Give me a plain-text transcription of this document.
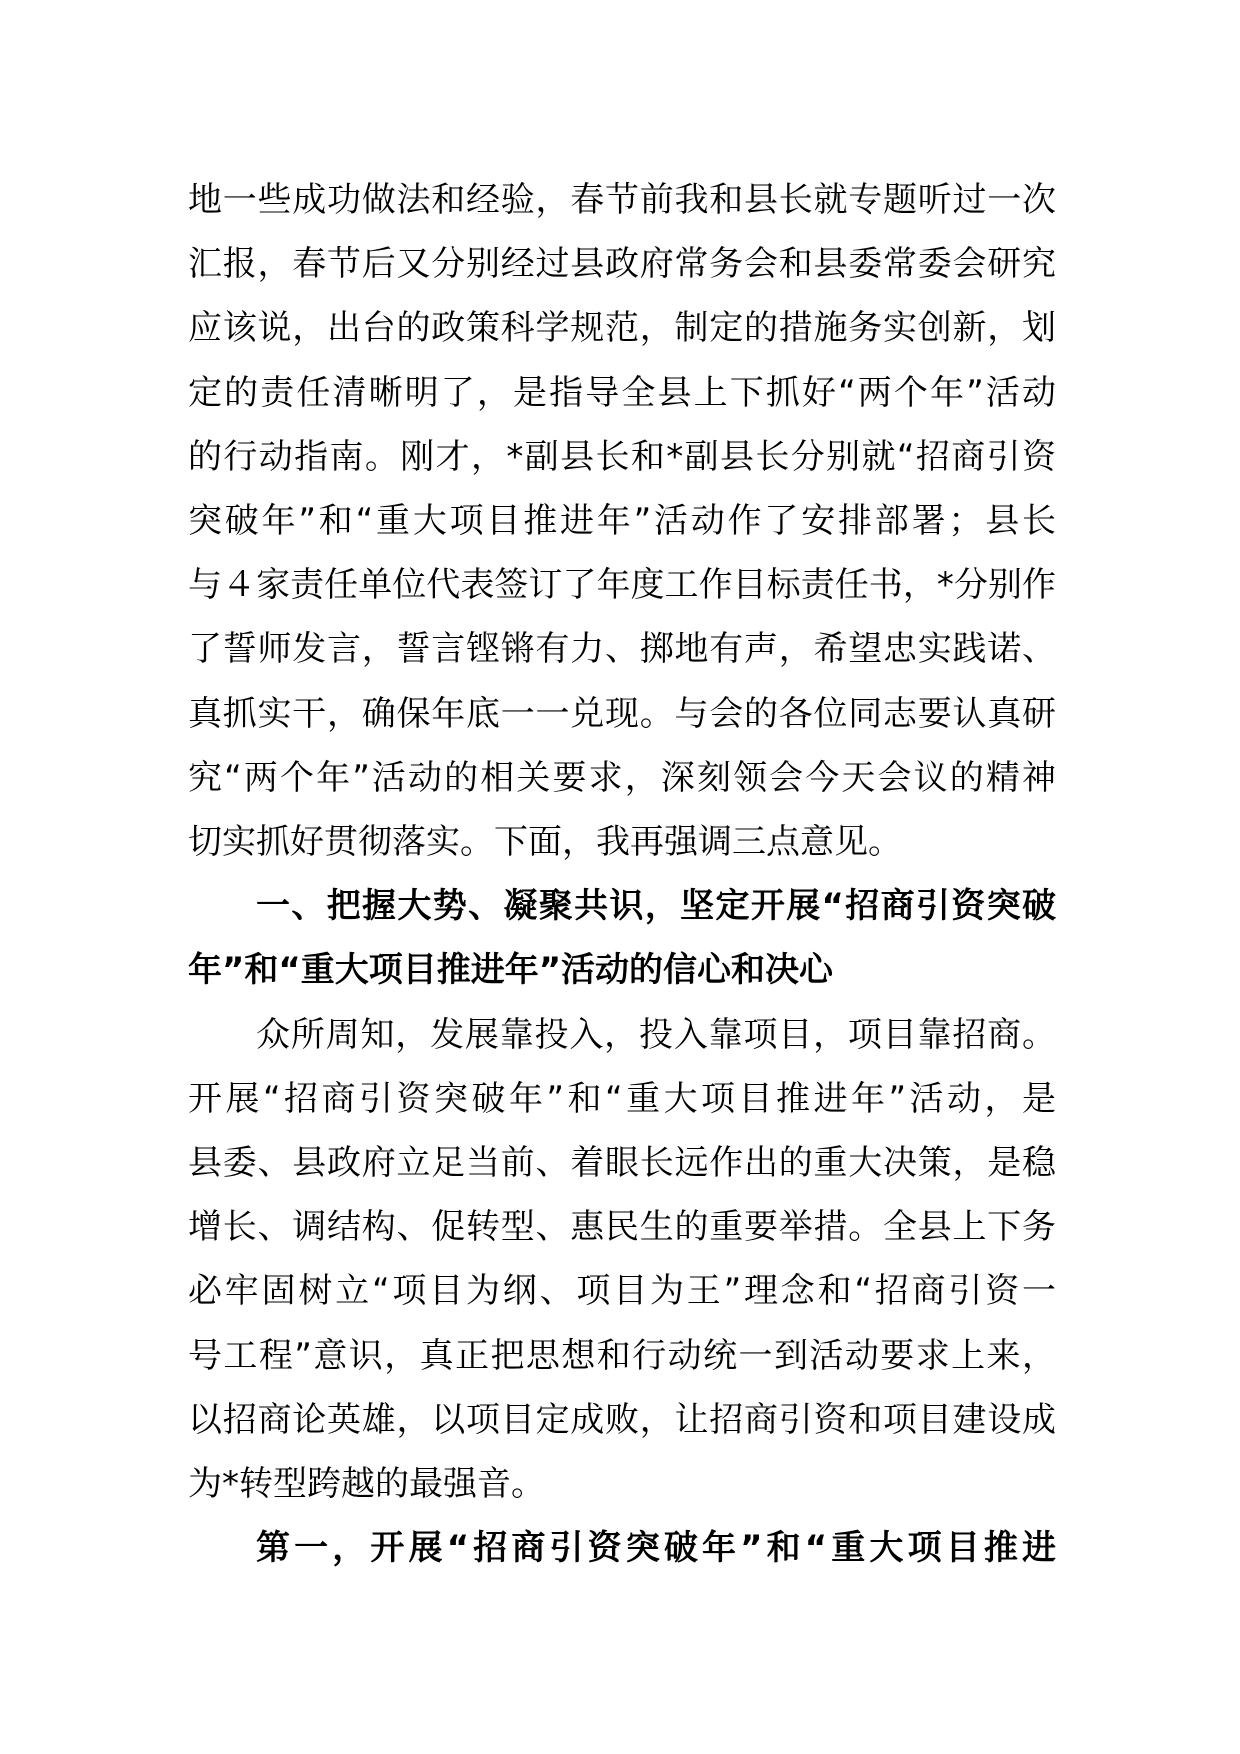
地一些成功做法和经验，春节前我和县长就专题听过一次
汇报，春节后又分别经过县政府常务会和县委常委会研究
应该说，出台的政策科学规范，制定的措施务实创新，划
定的责任清晰明了，是指导全县上下抓好“两个年”活动
的行动指南。刚才，*副县长和*副县长分别就“招商引资
突破年”和“重大项目推进年”活动作了安排部署；县长
与４家责任单位代表签订了年度工作目标责任书，*分别作
了誓师发言，誓言铿锵有力、掷地有声，希望忠实践诺、
真抓实干，确保年底一一兑现。与会的各位同志要认真研
究“两个年”活动的相关要求，深刻领会今天会议的精神
切实抓好贯彻落实。下面，我再强调三点意见。

一、把握大势、凝聚共识，坚定开展“招商引资突破
年”和“重大项目推进年”活动的信心和决心

众所周知，发展靠投入，投入靠项目，项目靠招商。
开展“招商引资突破年”和“重大项目推进年”活动，是
县委、县政府立足当前、着眼长远作出的重大决策，是稳
增长、调结构、促转型、惠民生的重要举措。全县上下务
必牢固树立“项目为纲、项目为王”理念和“招商引资一
号工程”意识，真正把思想和行动统一到活动要求上来，
以招商论英雄，以项目定成败，让招商引资和项目建设成
为*转型跨越的最强音。

第一，开展“招商引资突破年”和“重大项目推进
